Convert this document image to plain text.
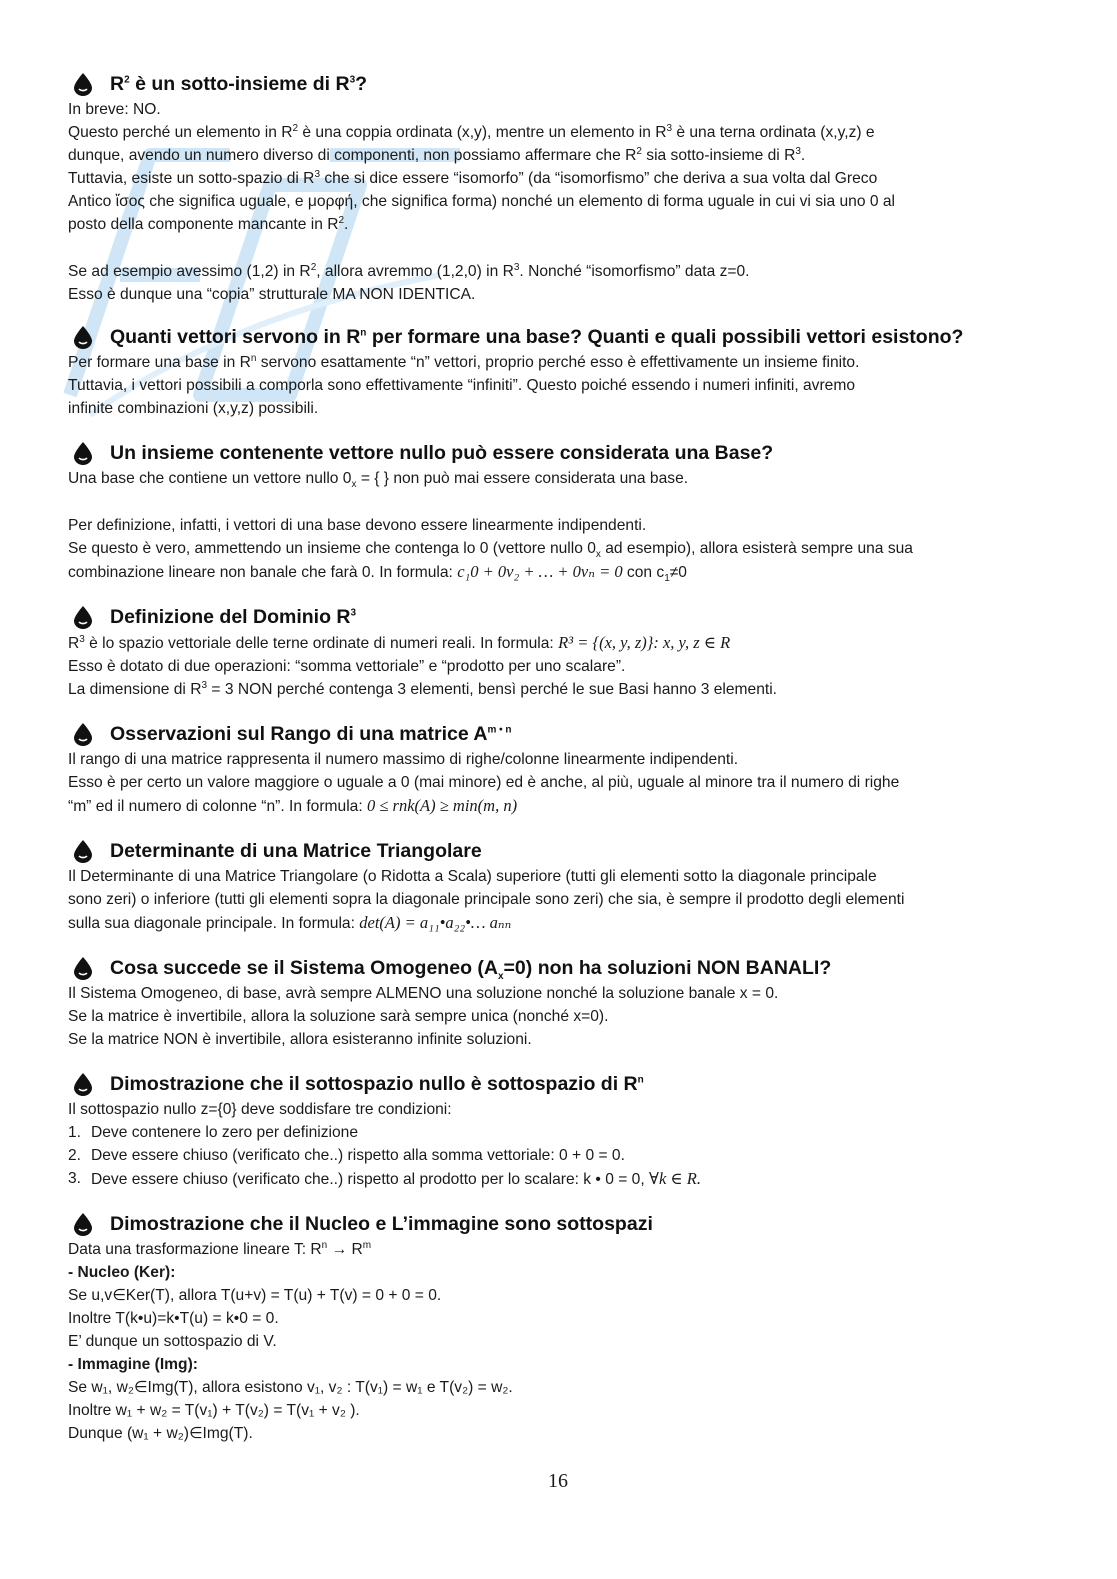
$R^2$ è un sotto-insieme di $R^3$?

In breve: NO.

Questo perché un elemento in $R^2$ è una coppia ordinata (x,y), mentre un elemento in $R^3$ è una terna ordinata (x,y,z) e

dunque, avendo un numero diverso di componenti, non possiamo affermare che $R^2$ sia sotto-insieme di $R^3$.

Tuttavia, esiste un sotto-spazio di $R^3$ che si dice essere “isomorfo” (da “isomorfismo” che deriva a sua volta dal Greco

Antico ἴσος che significa uguale, e μορφή, che significa forma) nonché un elemento di forma uguale in cui vi sia uno 0 al

posto della componente mancante in $R^2$.

Se ad esempio avessimo (1,2) in $R^2$, allora avremmo (1,2,0) in $R^3$. Nonché “isomorfismo” data z=0.

Esso è dunque una “copia” strutturale MA NON IDENTICA.

Quanti vettori servono in $R^n$ per formare una base? Quanti e quali possibili vettori esistono?

Per formare una base in $R^n$ servono esattamente “n” vettori, proprio perché esso è effettivamente un insieme finito.

Tuttavia, i vettori possibili a comporla sono effettivamente “infiniti”. Questo poiché essendo i numeri infiniti, avremo

infinite combinazioni (x,y,z) possibili.

Un insieme contenente vettore nullo può essere considerata una Base?

Una base che contiene un vettore nullo $0_x$ = { } non può mai essere considerata una base.

Per definizione, infatti, i vettori di una base devono essere linearmente indipendenti.

Se questo è vero, ammettendo un insieme che contenga lo 0 (vettore nullo $0_x$ ad esempio), allora esisterà sempre una sua

combinazione lineare non banale che farà 0. In formula: c₁0 + 0v₂ + … + 0vₙ = 0 con $c_1\ne 0$

Definizione del Dominio $R^3$

$R^3$ è lo spazio vettoriale delle terne ordinate di numeri reali. In formula: R³ = {(x, y, z)}: x, y, z ∈ R

Esso è dotato di due operazioni: “somma vettoriale” e “prodotto per uno scalare”.

La dimensione di $R^3 = 3$ NON perché contenga 3 elementi, bensì perché le sue Basi hanno 3 elementi.

Osservazioni sul Rango di una matrice $A^{m • n}$

Il rango di una matrice rappresenta il numero massimo di righe/colonne linearmente indipendenti.

Esso è per certo un valore maggiore o uguale a 0 (mai minore) ed è anche, al più, uguale al minore tra il numero di righe

“m” ed il numero di colonne “n”. In formula: 0 ≤ rnk(A) ≥ min(m, n)

Determinante di una Matrice Triangolare

Il Determinante di una Matrice Triangolare (o Ridotta a Scala) superiore (tutti gli elementi sotto la diagonale principale

sono zeri) o inferiore (tutti gli elementi sopra la diagonale principale sono zeri) che sia, è sempre il prodotto degli elementi

sulla sua diagonale principale. In formula: det(A) = a₁₁•a₂₂•… aₙₙ

Cosa succede se il Sistema Omogeneo $(A_x=0)$ non ha soluzioni NON BANALI?

Il Sistema Omogeneo, di base, avrà sempre ALMENO una soluzione nonché la soluzione banale x = 0.

Se la matrice è invertibile, allora la soluzione sarà sempre unica (nonché x=0).

Se la matrice NON è invertibile, allora esisteranno infinite soluzioni.

Dimostrazione che il sottospazio nullo è sottospazio di $R^n$

Il sottospazio nullo z={0} deve soddisfare tre condizioni:

1. Deve contenere lo zero per definizione
2. Deve essere chiuso (verificato che..) rispetto alla somma vettoriale: 0 + 0 = 0.
3. Deve essere chiuso (verificato che..) rispetto al prodotto per lo scalare: k • 0 = 0, ∀k ∈ R.
Dimostrazione che il Nucleo e L’immagine sono sottospazi

Data una trasformazione lineare T: $R^n \to R^m$

- Nucleo (Ker):

Se u,v∈Ker(T), allora T(u+v) = T(u) + T(v) = 0 + 0 = 0.

Inoltre T(k•u)=k•T(u) = k•0 = 0.

E’ dunque un sottospazio di V.

- Immagine (Img):

Se w₁, w₂∈Img(T), allora esistono v₁, v₂ : T(v₁) = w₁ e T(v₂) = w₂.

Inoltre w₁ + w₂ = T(v₁) + T(v₂) = T(v₁ + v₂ ).

Dunque (w₁ + w₂)∈Img(T).

16
